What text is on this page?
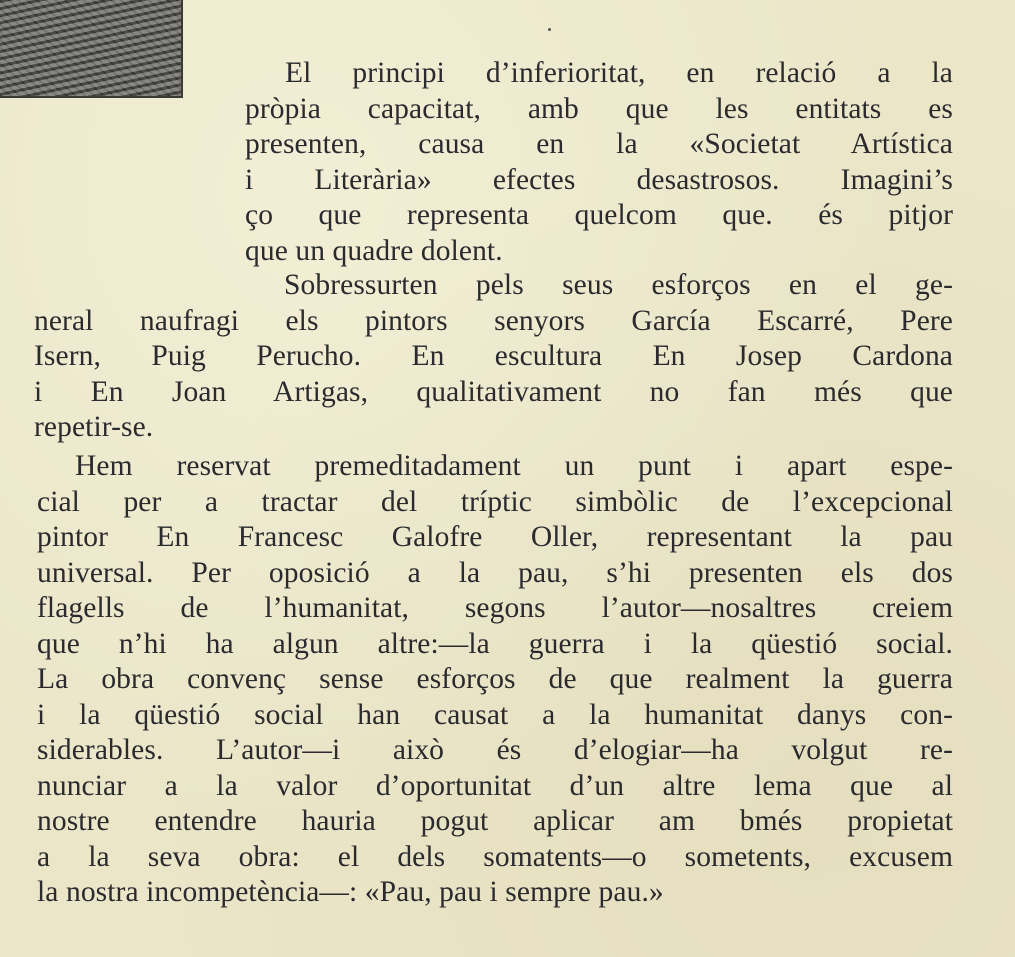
El principi d’inferioritat, en relació a la
pròpia capacitat, amb que les entitats es
presenten, causa en la «Societat Artística
i Literària» efectes desastrosos. Imagini’s
ço que representa quelcom que. és pitjor
que un quadre dolent.
Sobressurten pels seus esforços en el ge-
neral naufragi els pintors senyors García Escarré, Pere
Isern, Puig Perucho. En escultura En Josep Cardona
i En Joan Artigas, qualitativament no fan més que
repetir-se.
Hem reservat premeditadament un punt i apart espe-
cial per a tractar del tríptic simbòlic de l’excepcional
pintor En Francesc Galofre Oller, representant la pau
universal. Per oposició a la pau, s’hi presenten els dos
flagells de l’humanitat, segons l’autor—nosaltres creiem
que n’hi ha algun altre:—la guerra i la qüestió social.
La obra convenç sense esforços de que realment la guerra
i la qüestió social han causat a la humanitat danys con-
siderables. L’autor—i això és d’elogiar—ha volgut re-
nunciar a la valor d’oportunitat d’un altre lema que al
nostre entendre hauria pogut aplicar am bmés propietat
a la seva obra: el dels somatents—o sometents, excusem
la nostra incompetència—: «Pau, pau i sempre pau.»
